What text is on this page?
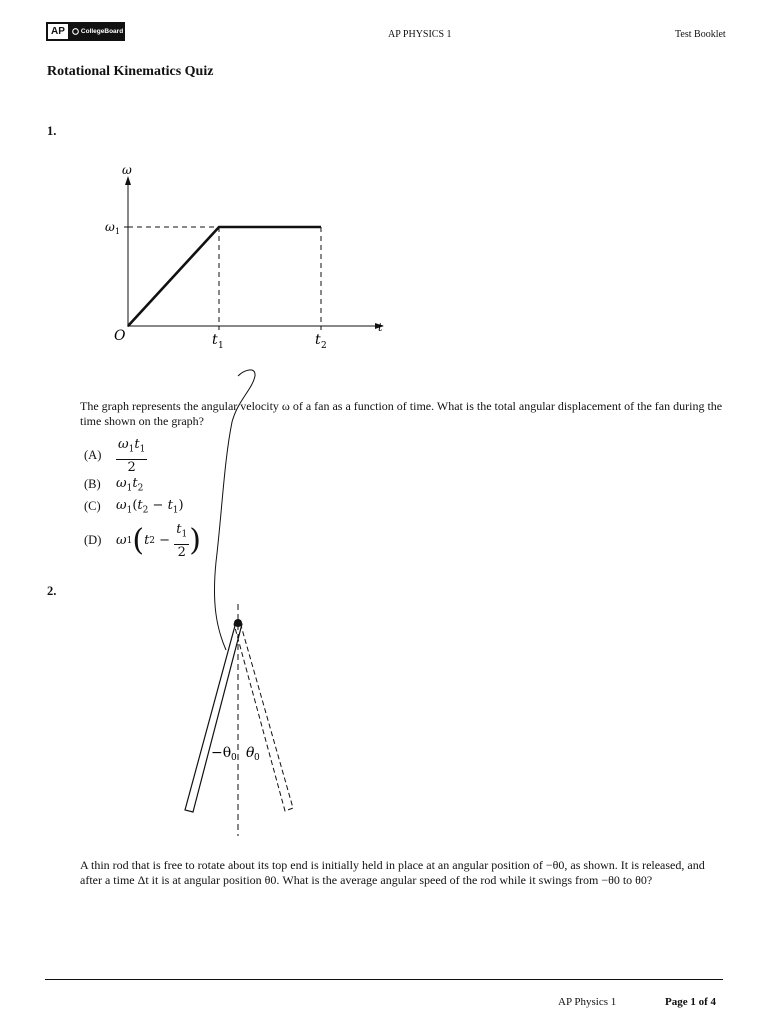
AP	CollegeBoard	AP PHYSICS 1	Test Booklet
Rotational Kinematics Quiz
1.
ω
t
O
ω 1
t 1	t 2
The graph represents the angular velocity ω of a fan as a function of time. What is the total angular displacement of the fan during the time shown on the graph?
(A)	$\frac{\omega_1t_1}{2}$
(B)	$\omega_1t_2$
(C)	$\omega_1(t_2 - t_1)$
(D)	ω 1 ( t 2
−
$\frac{t_1}{2}$ )
2.
−θ 0 θ 0
A thin rod that is free to rotate about its top end is initially held in place at an angular position of −θ0, as shown. It is released, and after a time Δt it is at angular position θ0. What is the average angular speed of the rod while it swings from −θ0 to θ0?
AP Physics 1	Page 1 of 4
